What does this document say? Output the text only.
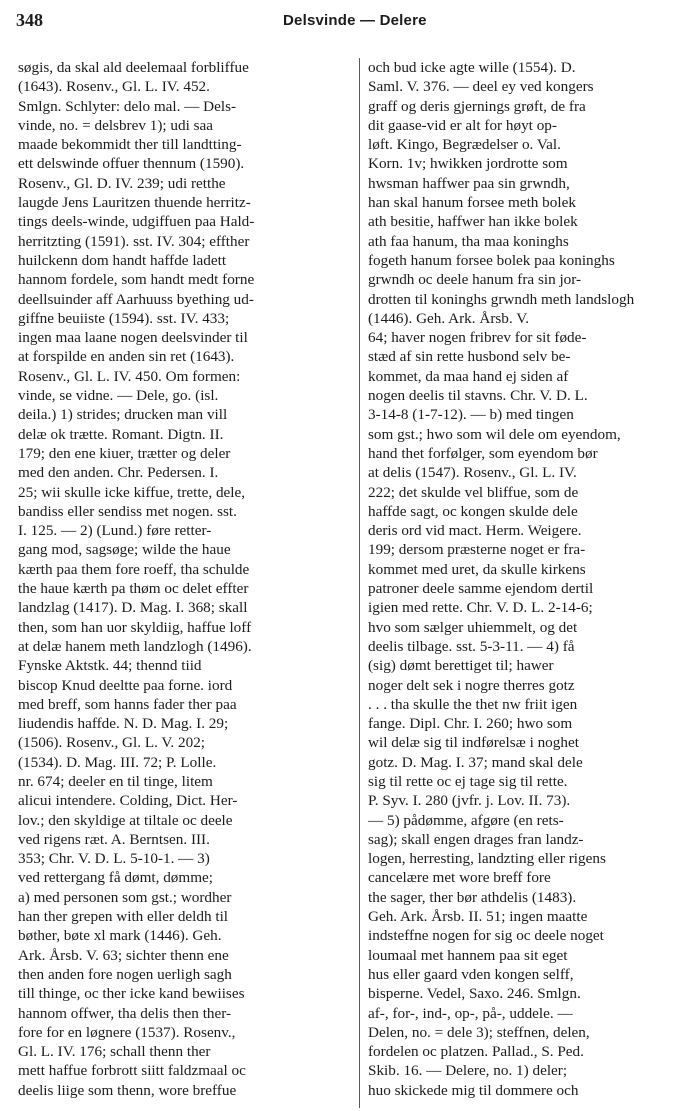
348	Delsvinde — Delere
søgis, da skal ald deelemaal forbliffue
(1643). Rosenv., Gl. L. IV. 452.
Smlgn. Schlyter: delo mal. — Dels-
vinde, no. = delsbrev 1); udi saa
maade bekommidt ther till landtting-
ett delswinde offuer thennum (1590).
Rosenv., Gl. D. IV. 239; udi retthe
laugde Jens Lauritzen thuende herritz-
tings deels-winde, udgiffuen paa Hald-
herritzting (1591). sst. IV. 304; effther
huilckenn dom handt haffde ladett
hannom fordele, som handt medt forne
deellsuinder aff Aarhuuss byething ud-
giffne beuiiste (1594). sst. IV. 433;
ingen maa laane nogen deelsvinder til
at forspilde en anden sin ret (1643).
Rosenv., Gl. L. IV. 450. Om formen:
vinde, se vidne. — Dele, go. (isl.
deila.) 1) strides; drucken man vill
delæ ok trætte. Romant. Digtn. II.
179; den ene kiuer, trætter og deler
med den anden. Chr. Pedersen. I.
25; wii skulle icke kiffue, trette, dele,
bandiss eller sendiss met nogen. sst.
I. 125. — 2) (Lund.) føre retter-
gang mod, sagsøge; wilde the haue
kærth paa them fore roeff, tha schulde
the haue kærth pa thøm oc delet effter
landzlag (1417). D. Mag. I. 368; skall
then, som han uor skyldiig, haffue loff
at delæ hanem meth landzlogh (1496).
Fynske Aktstk. 44; thennd tiid
biscop Knud deeltte paa forne. iord
med breff, som hanns fader ther paa
liudendis haffde. N. D. Mag. I. 29;
(1506). Rosenv., Gl. L. V. 202;
(1534). D. Mag. III. 72; P. Lolle.
nr. 674; deeler en til tinge, litem
alicui intendere. Colding, Dict. Her-
lov.; den skyldige at tiltale oc deele
ved rigens ræt. A. Berntsen. III.
353; Chr. V. D. L. 5-10-1. — 3)
ved rettergang få dømt, dømme;
a) med personen som gst.; wordher
han ther grepen with eller deldh til
bøther, bøte xl mark (1446). Geh.
Ark. Årsb. V. 63; sichter thenn ene
then anden fore nogen uerligh sagh
till thinge, oc ther icke kand bewiises
hannom offwer, tha delis then ther-
fore for en løgnere (1537). Rosenv.,
Gl. L. IV. 176; schall thenn ther
mett haffue forbrott siitt faldzmaal oc
deelis liige som thenn, wore breffue
och bud icke agte wille (1554). D.
Saml. V. 376. — deel ey ved kongers
graff og deris gjernings grøft, de fra
dit gaase-vid er alt for høyt op-
løft. Kingo, Begrædelser o. Val.
Korn. 1v; hwikken jordrotte som
hwsman haffwer paa sin grwndh,
han skal hanum forsee meth bolek
ath besitie, haffwer han ikke bolek
ath faa hanum, tha maa koninghs
fogeth hanum forsee bolek paa koninghs
grwndh oc deele hanum fra sin jor-
drotten til koninghs grwndh meth landslogh
(1446). Geh. Ark. Årsb. V.
64; haver nogen fribrev for sit føde-
stæd af sin rette husbond selv be-
kommet, da maa hand ej siden af
nogen deelis til stavns. Chr. V. D. L.
3-14-8 (1-7-12). — b) med tingen
som gst.; hwo som wil dele om eyendom,
hand thet forfølger, som eyendom bør
at delis (1547). Rosenv., Gl. L. IV.
222; det skulde vel bliffue, som de
haffde sagt, oc kongen skulde dele
deris ord vid mact. Herm. Weigere.
199; dersom præsterne noget er fra-
kommet med uret, da skulle kirkens
patroner deele samme ejendom dertil
igien med rette. Chr. V. D. L. 2-14-6;
hvo som sælger uhiemmelt, og det
deelis tilbage. sst. 5-3-11. — 4) få
(sig) dømt berettiget til; hawer
noger delt sek i nogre therres gotz
. . . tha skulle the thet nw friit igen
fange. Dipl. Chr. I. 260; hwo som
wil delæ sig til indførelsæ i noghet
gotz. D. Mag. I. 37; mand skal dele
sig til rette oc ej tage sig til rette.
P. Syv. I. 280 (jvfr. j. Lov. II. 73).
— 5) pådømme, afgøre (en rets-
sag); skall engen drages fran landz-
logen, herresting, landzting eller rigens
cancelære met wore breff fore
the sager, ther bør athdelis (1483).
Geh. Ark. Årsb. II. 51; ingen maatte
indsteffne nogen for sig oc deele noget
loumaal met hannem paa sit eget
hus eller gaard vden kongen selff,
bisperne. Vedel, Saxo. 246. Smlgn.
af-, for-, ind-, op-, på-, uddele. —
Delen, no. = dele 3); steffnen, delen,
fordelen oc platzen. Pallad., S. Ped.
Skib. 16. — Delere, no. 1) deler;
huo skickede mig til dommere och
